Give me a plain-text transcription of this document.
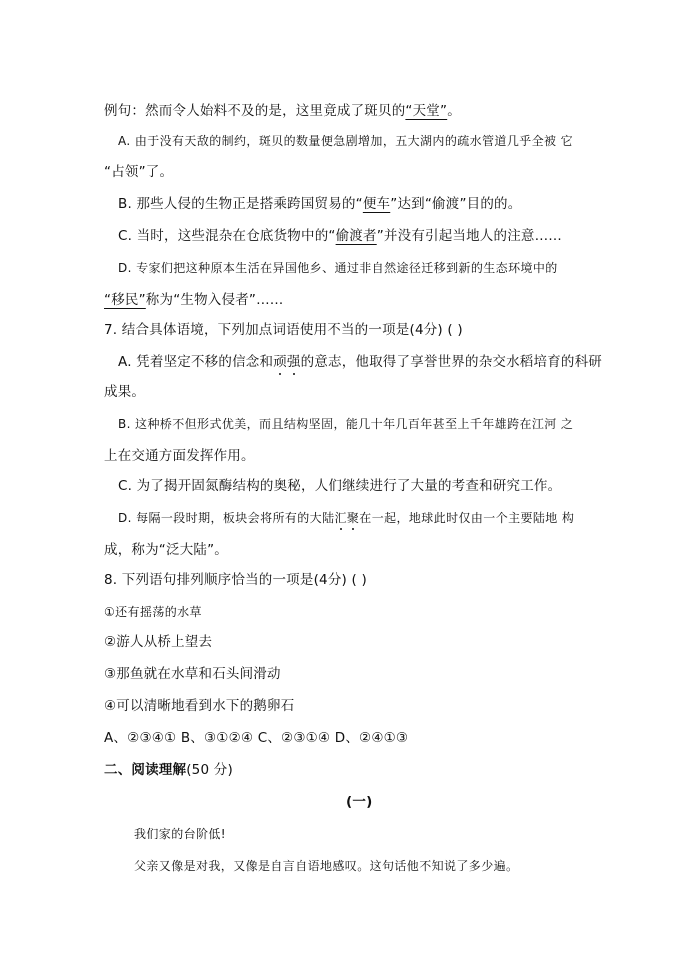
例句：然而令人始料不及的是，这里竟成了斑贝的“天堂”。
A. 由于没有天敌的制约，斑贝的数量便急剧增加，五大湖内的疏水管道几乎全被 它
“占领”了。
B. 那些人侵的生物正是搭乘跨国贸易的“便车”达到“偷渡”目的的。
C. 当时，这些混杂在仓底货物中的“偷渡者”并没有引起当地人的注意……
D. 专家们把这种原本生活在异国他乡、通过非自然途径迁移到新的生态环境中的
“移民”称为“生物入侵者”……
7. 结合具体语境，下列加点词语使用不当的一项是(4分) ( )
A. 凭着坚定不移的信念和顽强的意志，他取得了享誉世界的杂交水稻培育的科研
成果。
B. 这种桥不但形式优美，而且结构坚固，能几十年几百年甚至上千年雄跨在江河 之
上在交通方面发挥作用。
C. 为了揭开固氮酶结构的奥秘，人们继续进行了大量的考查和研究工作。
D. 每隔一段时期，板块会将所有的大陆汇聚在一起，地球此时仅由一个主要陆地 构
成，称为“泛大陆”。
8. 下列语句排列顺序恰当的一项是(4分) ( )
①还有摇荡的水草
②游人从桥上望去
③那鱼就在水草和石头间滑动
④可以清晰地看到水下的鹅卵石
A、②③④① B、③①②④ C、②③①④ D、②④①③
二、阅读理解(50 分)
(一)
我们家的台阶低!
父亲又像是对我，又像是自言自语地感叹。这句话他不知说了多少遍。
